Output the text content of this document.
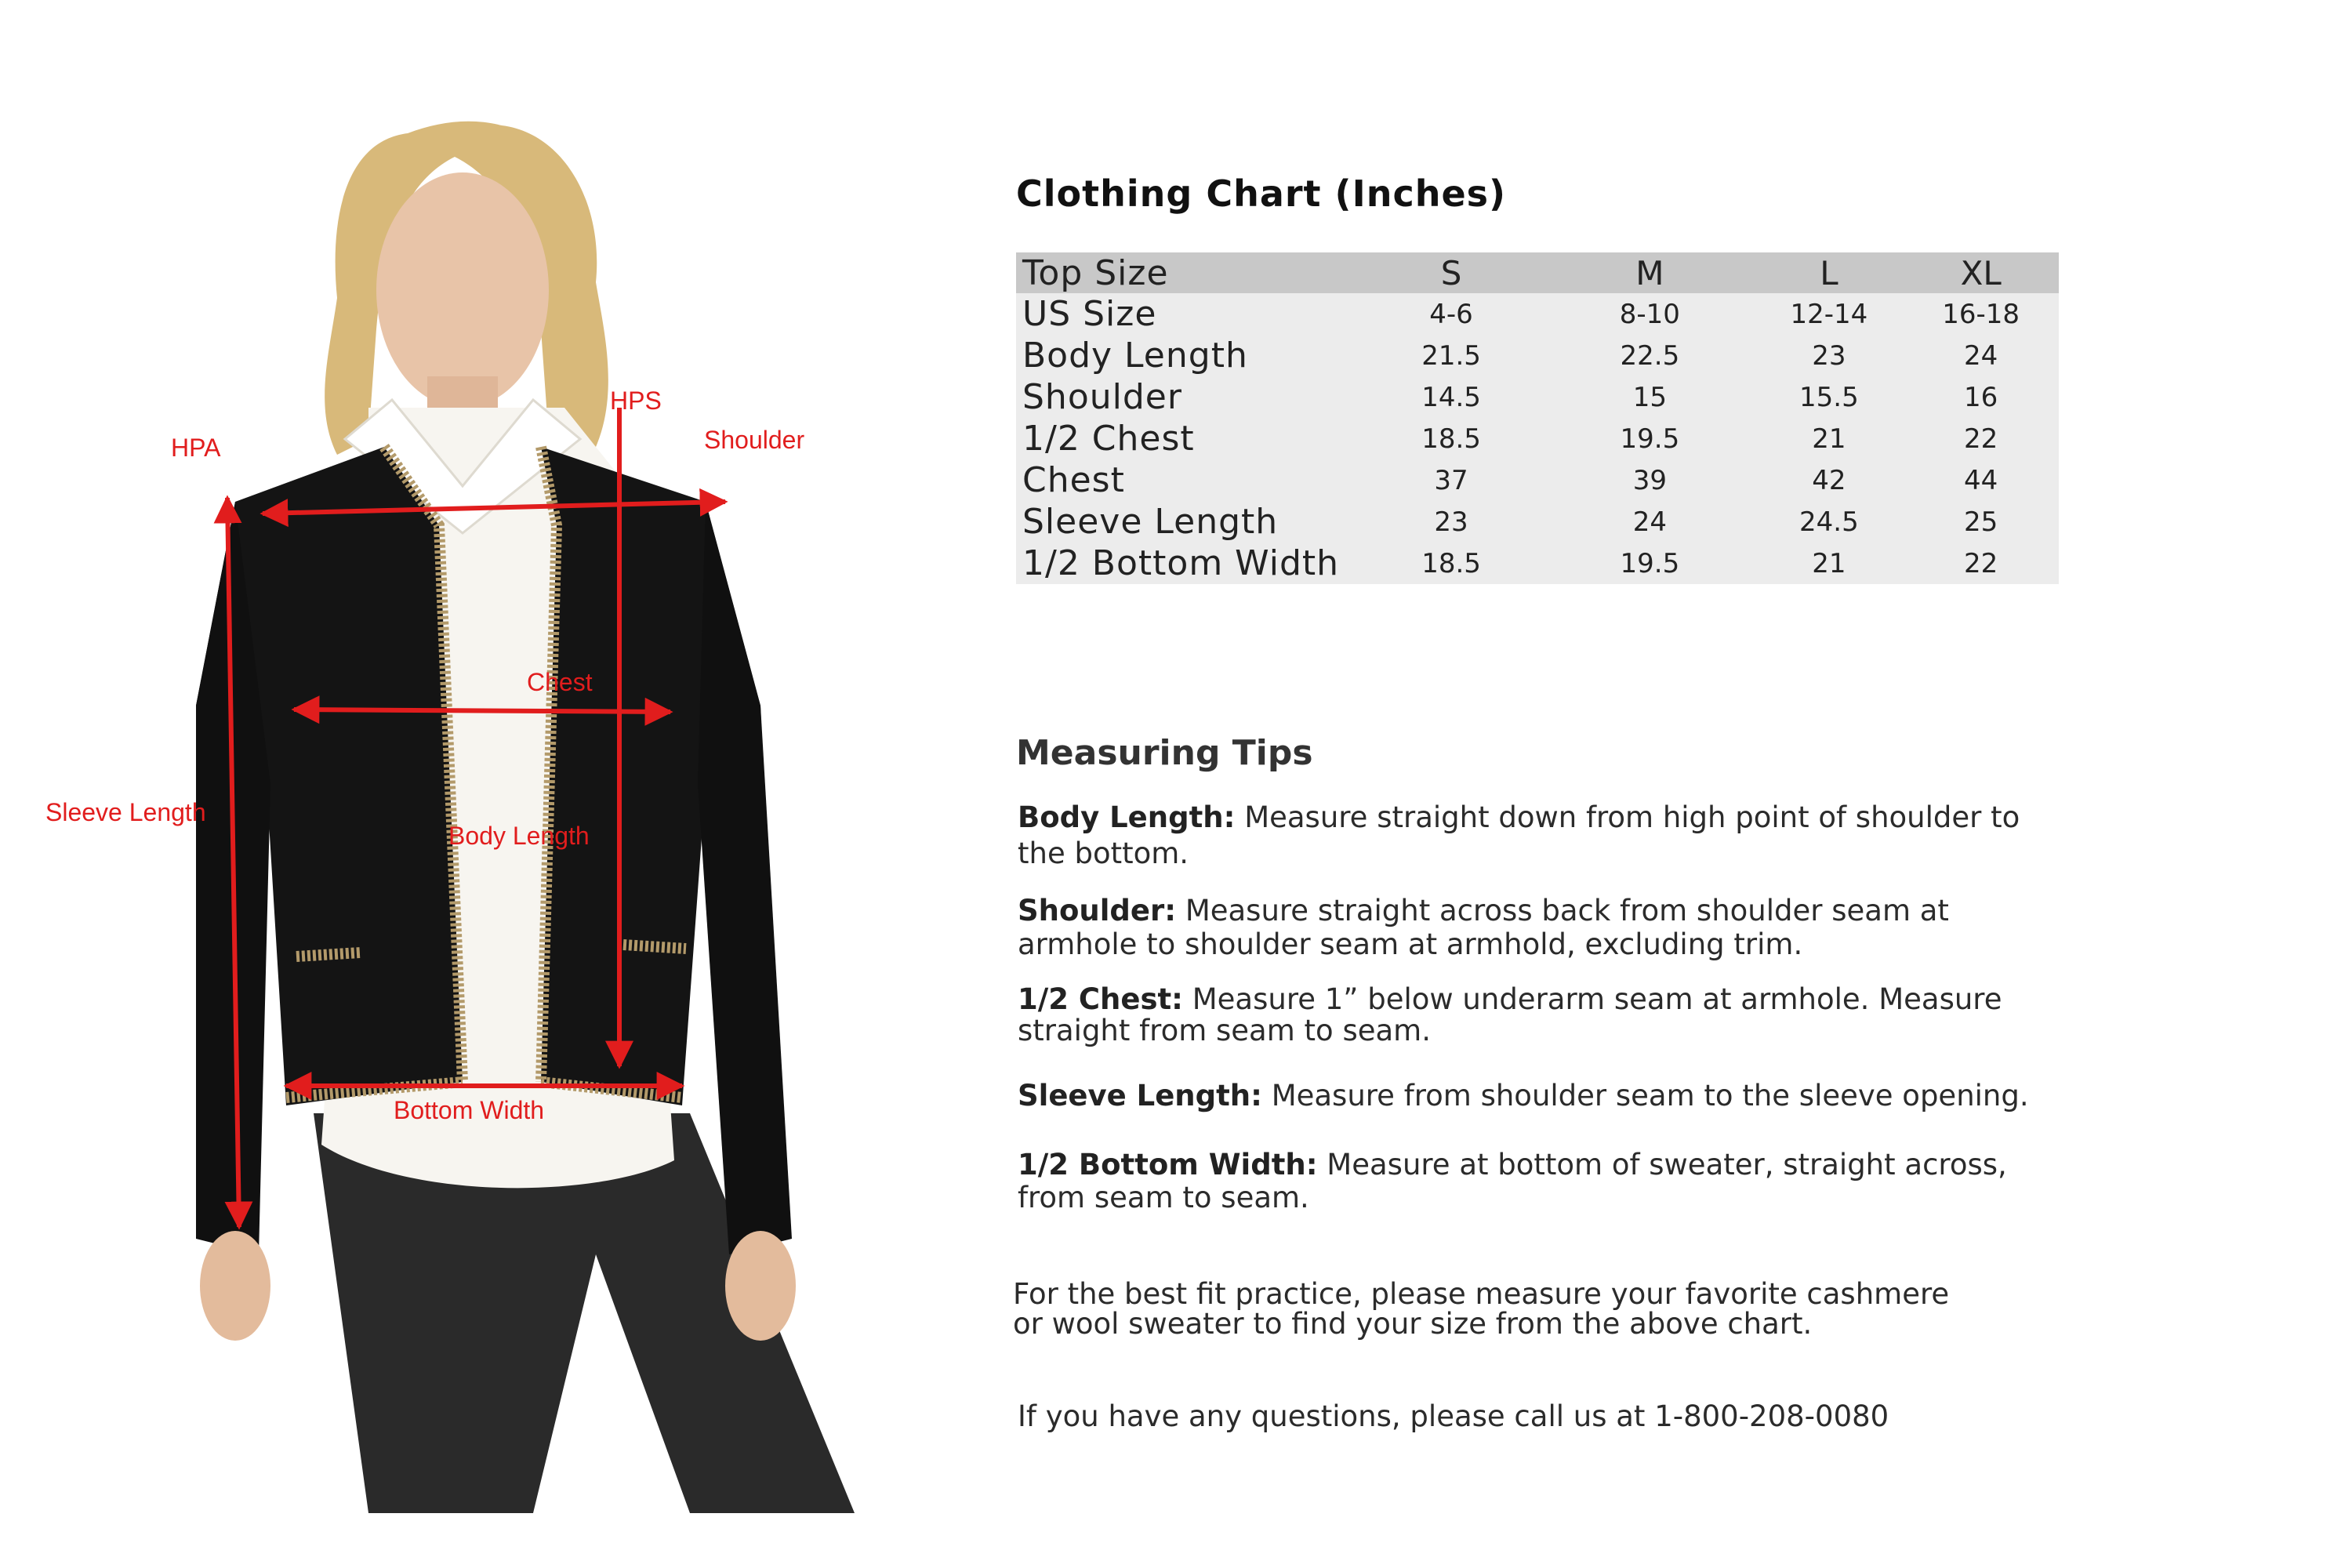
HPS
HPA	Shoulder
Chest
Sleeve Length
Body Length
Bottom Width
Clothing Chart (Inches)
Top Size	S	M	L	XL
US Size	4-6	8-10	12-14	16-18
Body Length	21.5	22.5	23	24
Shoulder	14.5	15	15.5	16
1/2 Chest	18.5	19.5	21	22
Chest	37	39	42	44
Sleeve Length	23	24	24.5	25
1/2 Bottom Width	18.5	19.5	21	22
Measuring Tips
Body Length: Measure straight down from high point of shoulder to the bottom.
Shoulder: Measure straight across back from shoulder seam at armhole to shoulder seam at armhold, excluding trim.
1/2 Chest: Measure 1” below underarm seam at armhole. Measure straight from seam to seam.
Sleeve Length: Measure from shoulder seam to the sleeve opening.
1/2 Bottom Width: Measure at bottom of sweater, straight across, from seam to seam.
For the best fit practice, please measure your favorite cashmere or wool sweater to find your size from the above chart.
If you have any questions, please call us at 1-800-208-0080
